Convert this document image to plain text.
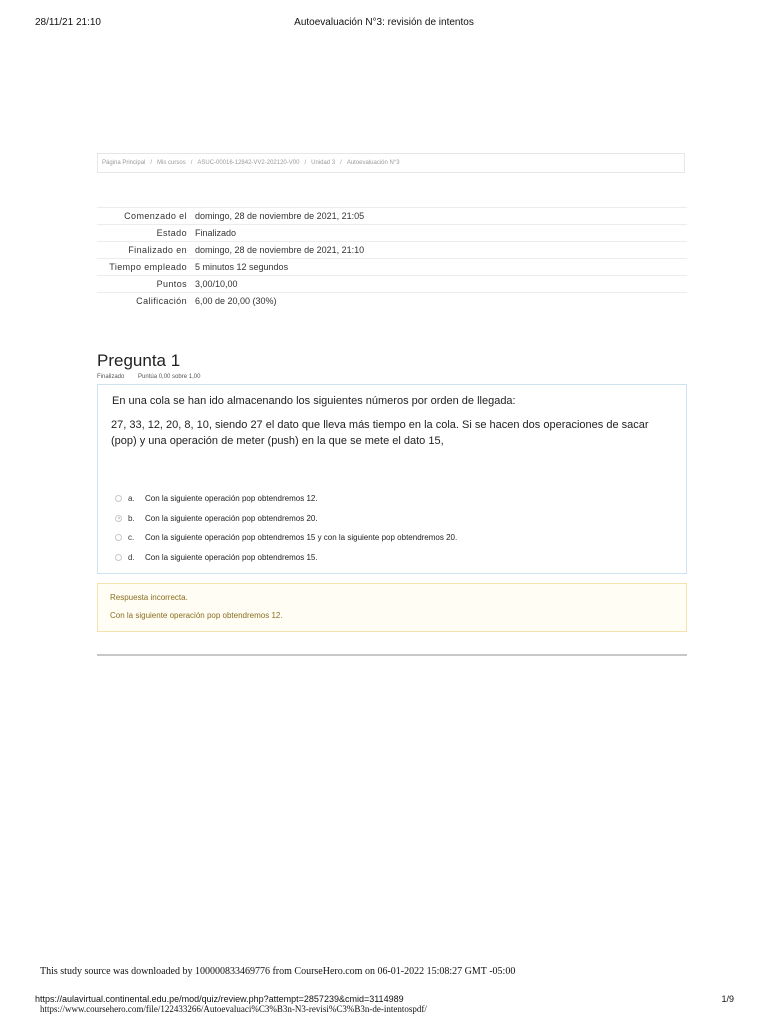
28/11/21 21:10	Autoevaluación N°3: revisión de intentos
Página Principal / Mis cursos / ASUC-00016-12842-VV2-202120-V00 / Unidad 3 / Autoevaluación N°3
Comenzado el domingo, 28 de noviembre de 2021, 21:05
Estado Finalizado
Finalizado en domingo, 28 de noviembre de 2021, 21:10
Tiempo empleado 5 minutos 12 segundos
Puntos 3,00/10,00
Calificación 6,00 de 20,00 (30%)
Pregunta 1
Finalizado Puntúa 0,00 sobre 1,00
En una cola se han ido almacenando los siguientes números por orden de llegada:
27, 33, 12, 20, 8, 10, siendo 27 el dato que lleva más tiempo en la cola. Si se hacen dos operaciones de sacar (pop) y una operación de meter (push) en la que se mete el dato 15,
a.	Con la siguiente operación pop obtendremos 12.
b.	Con la siguiente operación pop obtendremos 20.
c.	Con la siguiente operación pop obtendremos 15 y con la siguiente pop obtendremos 20.
d.	Con la siguiente operación pop obtendremos 15.
Respuesta incorrecta.
Con la siguiente operación pop obtendremos 12.
This study source was downloaded by 100000833469776 from CourseHero.com on 06-01-2022 15:08:27 GMT -05:00
https://aulavirtual.continental.edu.pe/mod/quiz/review.php?attempt=2857239&cmid=3114989	1/9
https://www.coursehero.com/file/122433266/Autoevaluaci%C3%B3n-N3-revisi%C3%B3n-de-intentospdf/
